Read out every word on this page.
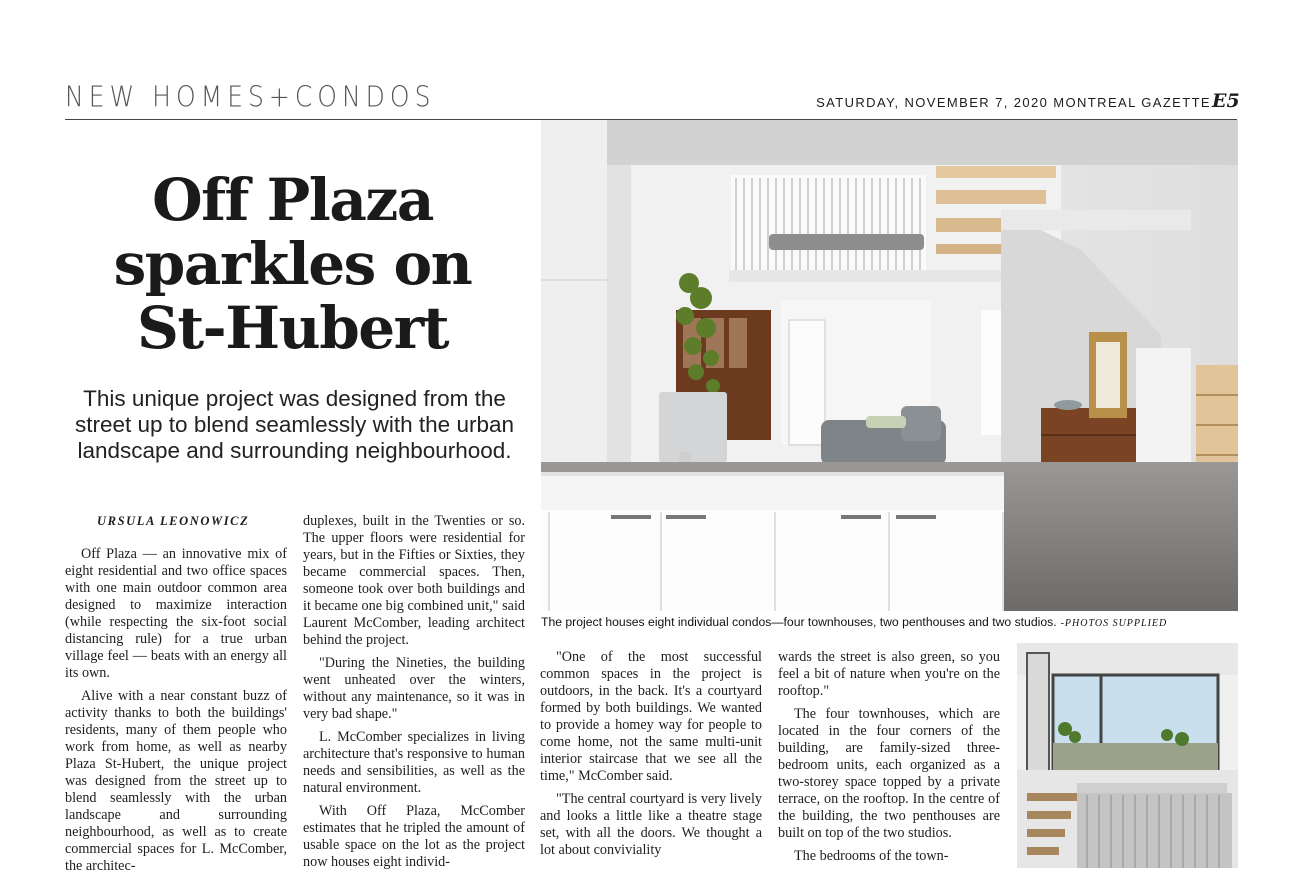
NEW HOMES+CONDOS	SATURDAY, NOVEMBER 7, 2020 MONTREAL GAZETTE E5
Off Plaza sparkles on St-Hubert
This unique project was designed from the street up to blend seamlessly with the urban landscape and surrounding neighbourhood.
URSULA LEONOWICZ

Off Plaza — an innovative mix of eight residential and two office spaces with one main outdoor common area designed to maximize interaction (while respecting the six-foot social distancing rule) for a true urban village feel — beats with an energy all its own.

Alive with a near constant buzz of activity thanks to both the buildings' residents, many of them people who work from home, as well as nearby Plaza St-Hubert, the unique project was designed from the street up to blend seamlessly with the urban landscape and surrounding neighbourhood, as well as to create commercial spaces for L. McComber, the architec-

duplexes, built in the Twenties or so. The upper floors were residential for years, but in the Fifties or Sixties, they became commercial spaces. Then, someone took over both buildings and it became one big combined unit," said Laurent McComber, leading architect behind the project.

"During the Nineties, the building went unheated over the winters, without any maintenance, so it was in very bad shape."

L. McComber specializes in living architecture that's responsive to human needs and sensibilities, as well as the natural environment.

With Off Plaza, McComber estimates that he tripled the amount of usable space on the lot as the project now houses eight individ-

"One of the most successful common spaces in the project is outdoors, in the back. It's a courtyard formed by both buildings. We wanted to provide a homey way for people to come home, not the same multi-unit interior staircase that we see all the time," McComber said.

"The central courtyard is very lively and looks a little like a theatre stage set, with all the doors. We thought a lot about conviviality

wards the street is also green, so you feel a bit of nature when you're on the rooftop."

The four townhouses, which are located in the four corners of the building, are family-sized three-bedroom units, each organized as a two-storey space topped by a private terrace, on the rooftop. In the centre of the building, the two penthouses are built on top of the two studios.

The bedrooms of the town-

The project houses eight individual condos—four townhouses, two penthouses and two studios. -PHOTOS SUPPLIED
